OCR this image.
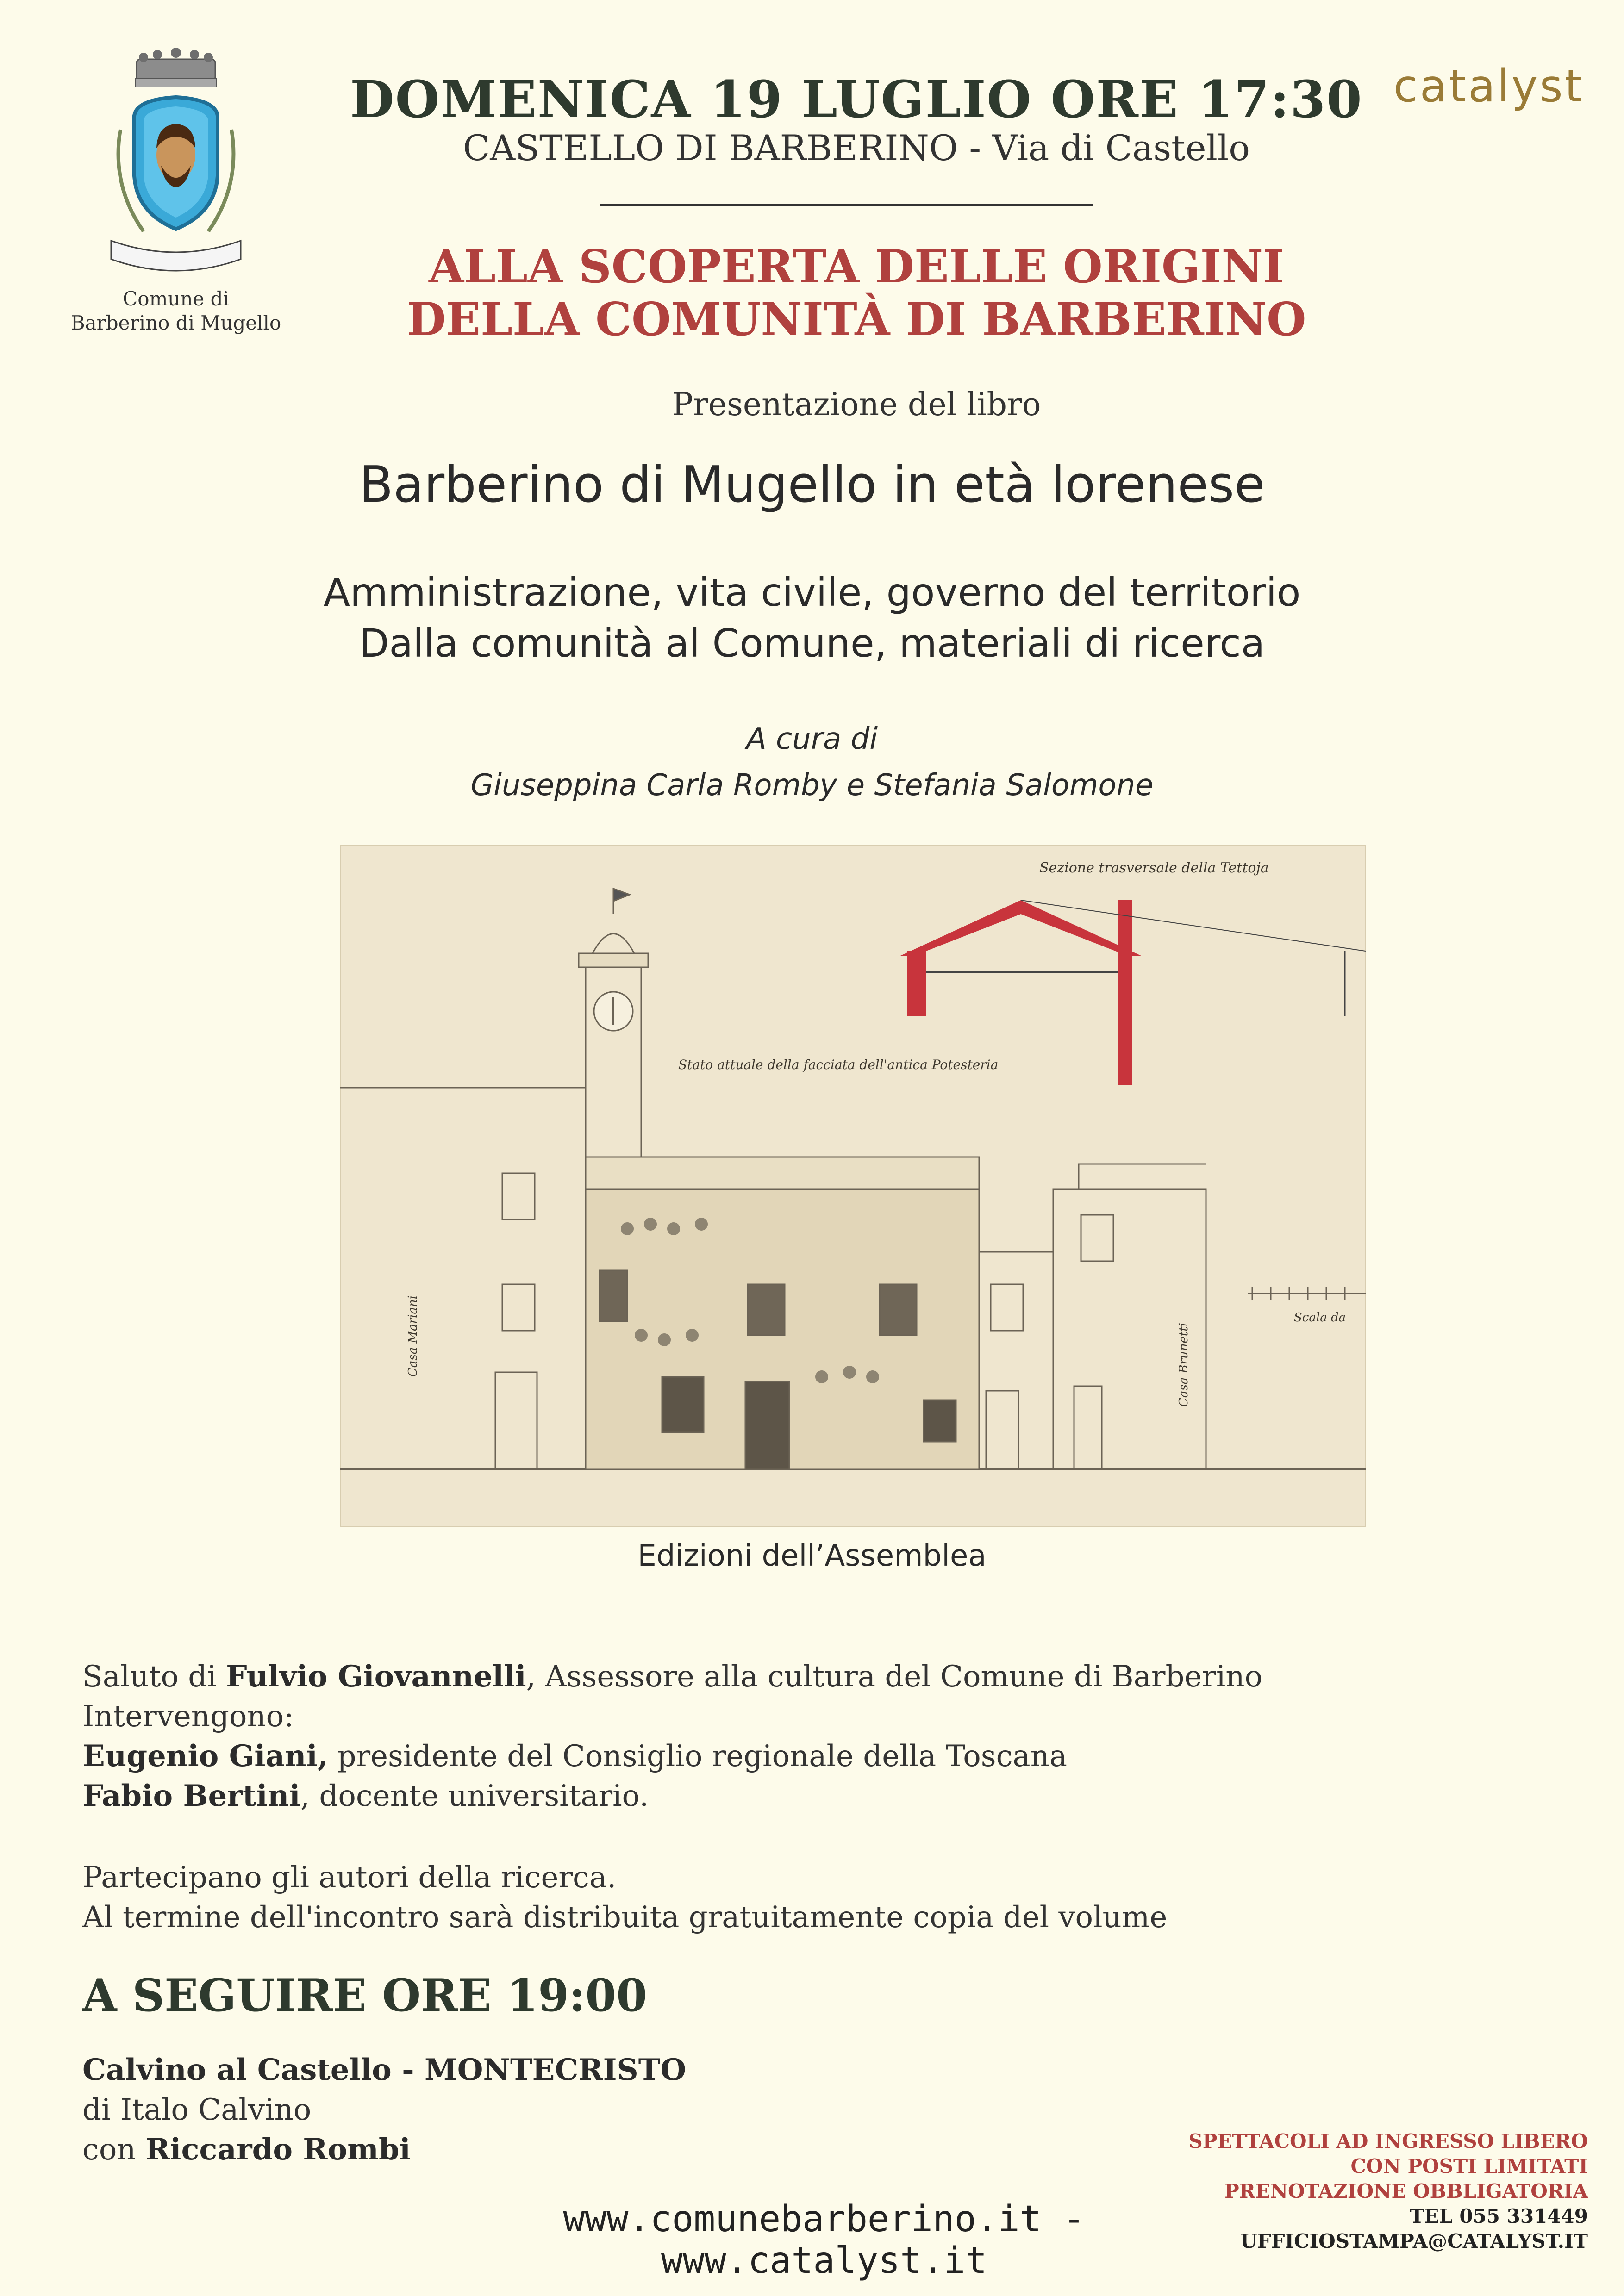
Comune di
Barberino di Mugello
catalyst
DOMENICA 19 LUGLIO ORE 17:30
CASTELLO DI BARBERINO - Via di Castello
ALLA SCOPERTA DELLE ORIGINI
DELLA COMUNITÀ DI BARBERINO
Presentazione del libro
Barberino di Mugello in età lorenese
Amministrazione, vita civile, governo del territorio
Dalla comunità al Comune, materiali di ricerca
A cura di
Giuseppina Carla Romby e Stefania Salomone
Sezione trasversale della Tettoja
Stato attuale della facciata dell'antica Potesteria
Casa Mariani	Casa Brunetti
Scala da
Edizioni dell’Assemblea

Saluto di Fulvio Giovannelli, Assessore alla cultura del Comune di Barberino

Intervengono:

Eugenio Giani, presidente del Consiglio regionale della Toscana

Fabio Bertini, docente universitario.

Partecipano gli autori della ricerca.

Al termine dell'incontro sarà distribuita gratuitamente copia del volume

A SEGUIRE ORE 19:00

Calvino al Castello - MONTECRISTO

di Italo Calvino

con Riccardo Rombi	SPETTACOLI AD INGRESSO LIBERO
CON POSTI LIMITATI
PRENOTAZIONE OBBLIGATORIA
TEL 055 331449
UFFICIOSTAMPA@CATALYST.IT
www.comunebarberino.it - www.catalyst.it
